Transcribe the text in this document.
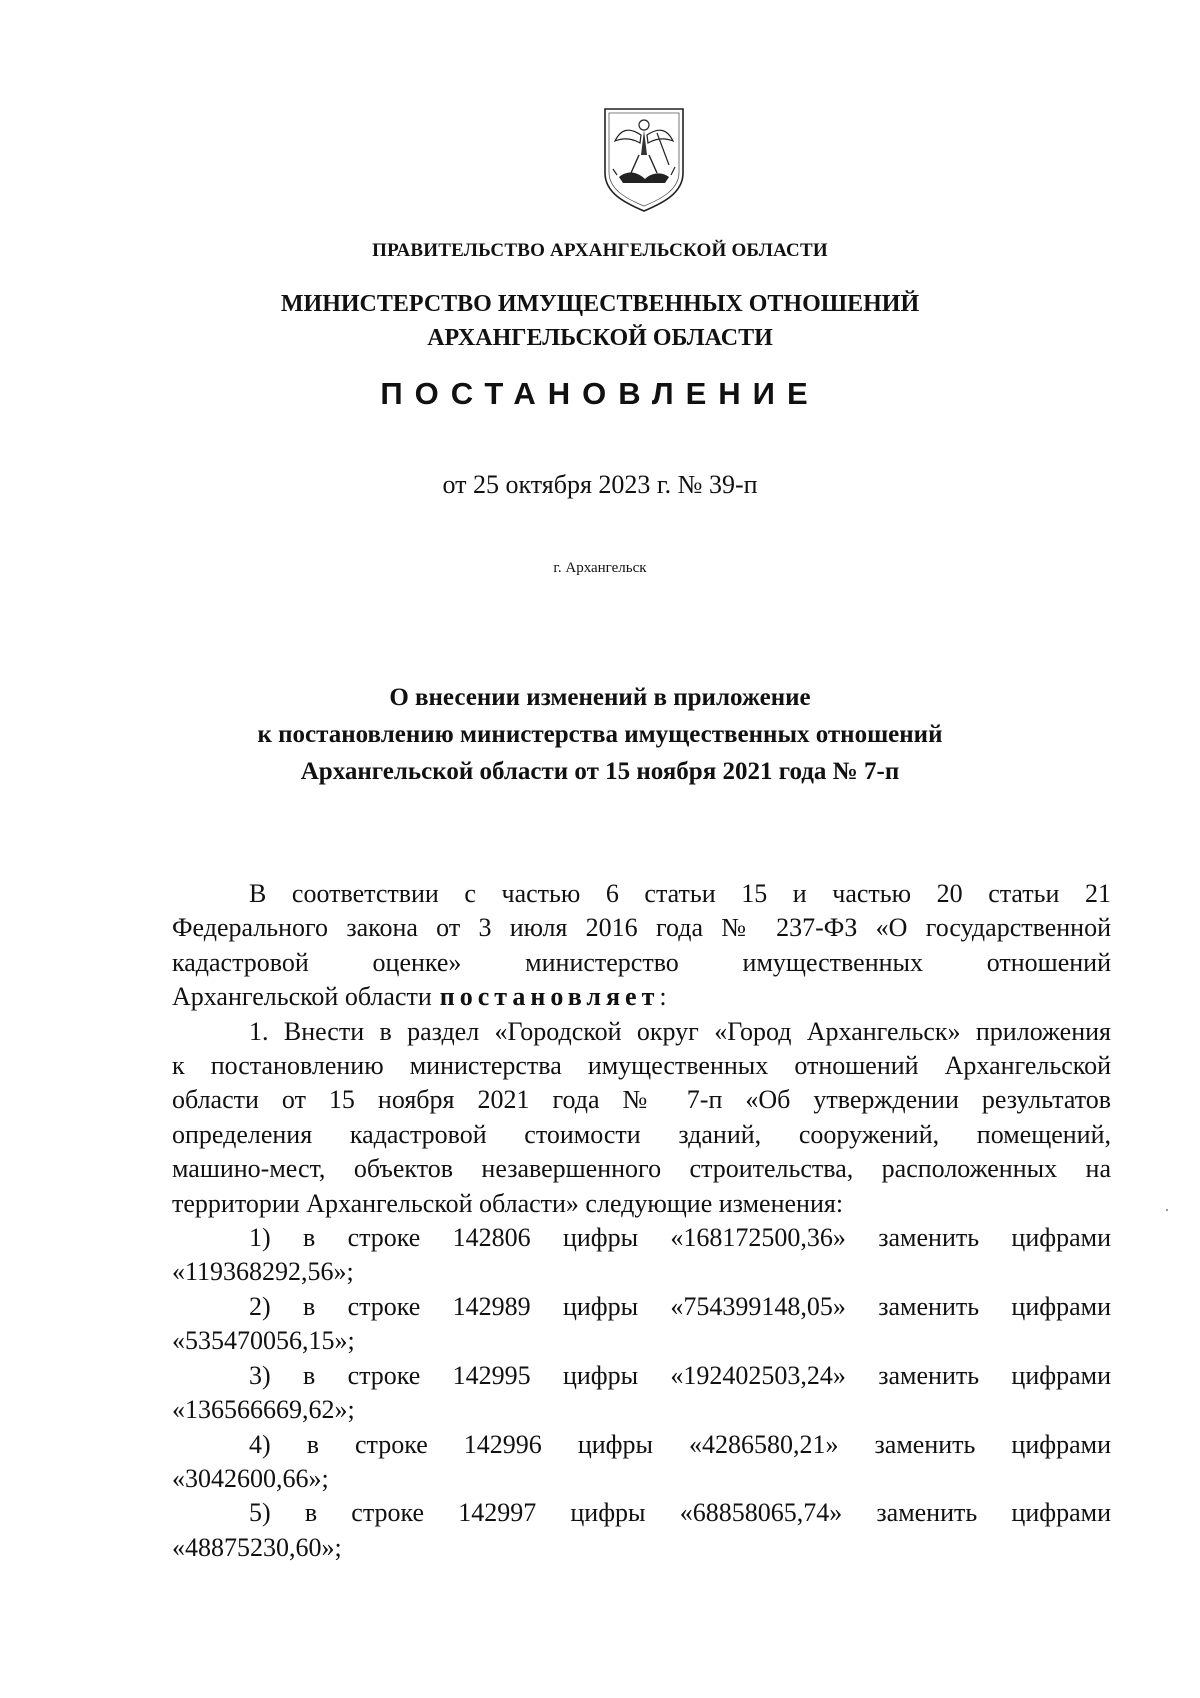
ПРАВИТЕЛЬСТВО АРХАНГЕЛЬСКОЙ ОБЛАСТИ
МИНИСТЕРСТВО ИМУЩЕСТВЕННЫХ ОТНОШЕНИЙ
АРХАНГЕЛЬСКОЙ ОБЛАСТИ
ПОСТАНОВЛЕНИЕ
от 25 октября 2023 г. № 39-п
г. Архангельск
О внесении изменений в приложение
к постановлению министерства имущественных отношений
Архангельской области от 15 ноября 2021 года № 7-п
В соответствии с частью 6 статьи 15 и частью 20 статьи 21
Федерального закона от 3 июля 2016 года № 237-ФЗ «О государственной
кадастровой оценке» министерство имущественных отношений
Архангельской области постановляет:
1. Внести в раздел «Городской округ «Город Архангельск» приложения
к постановлению министерства имущественных отношений Архангельской
области от 15 ноября 2021 года № 7-п «Об утверждении результатов
определения кадастровой стоимости зданий, сооружений, помещений,
машино-мест, объектов незавершенного строительства, расположенных на
территории Архангельской области» следующие изменения:
1) в строке 142806 цифры «168172500,36» заменить цифрами
«119368292,56»;
2) в строке 142989 цифры «754399148,05» заменить цифрами
«535470056,15»;
3) в строке 142995 цифры «192402503,24» заменить цифрами
«136566669,62»;
4) в строке 142996 цифры «4286580,21» заменить цифрами
«3042600,66»;
5) в строке 142997 цифры «68858065,74» заменить цифрами
«48875230,60»;
